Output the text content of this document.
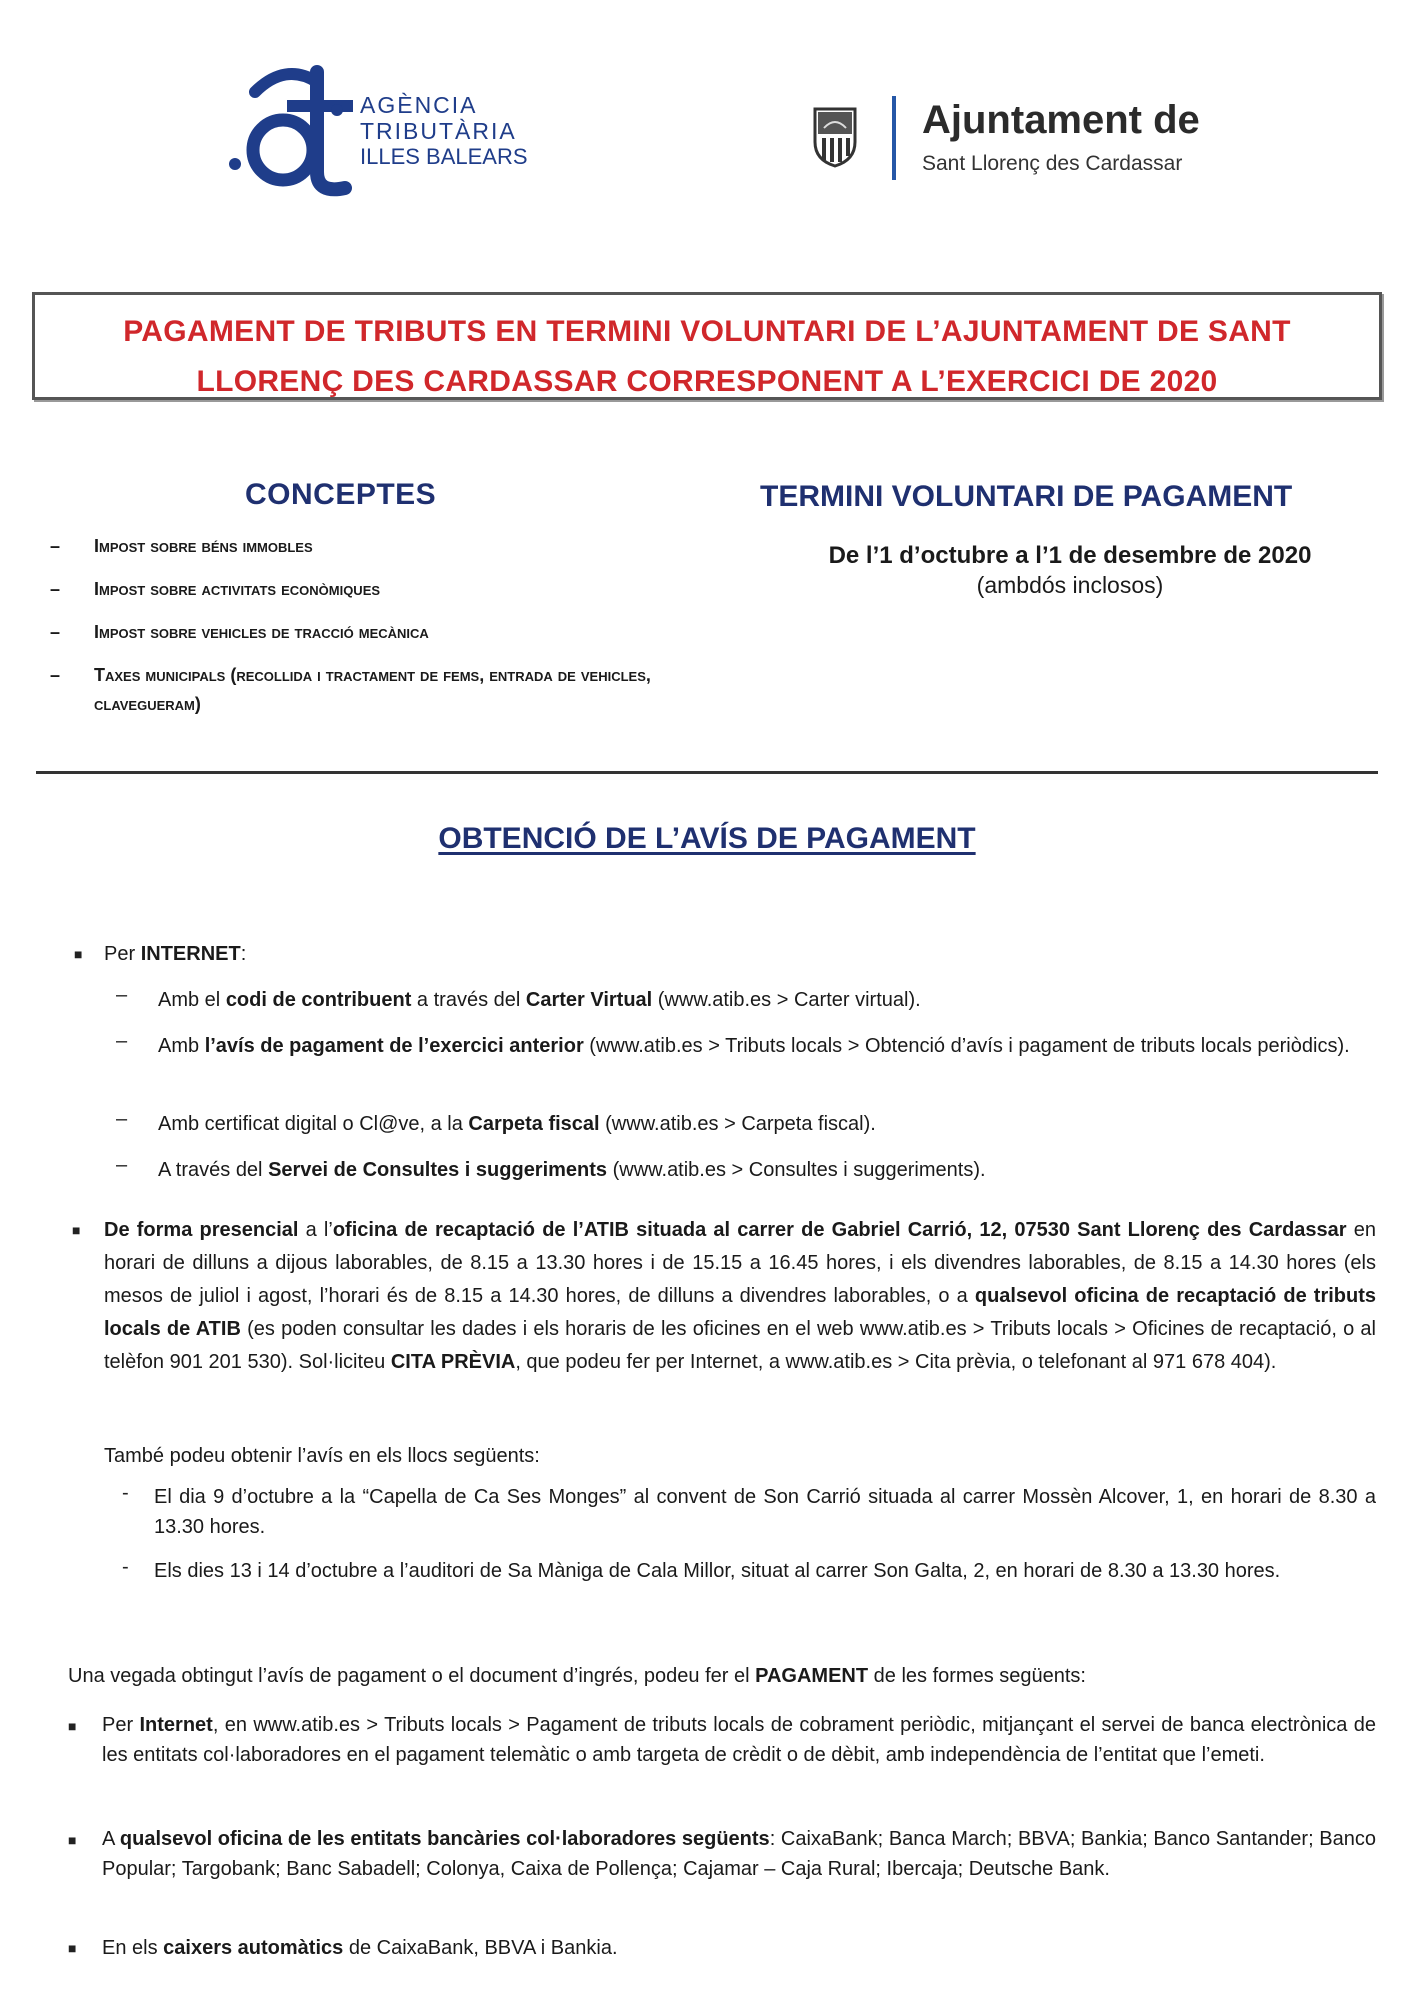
AGÈNCIA
TRIBUTÀRIA
ILLES BALEARS
Ajuntament de
Sant Llorenç des Cardassar
PAGAMENT DE TRIBUTS EN TERMINI VOLUNTARI DE L’AJUNTAMENT DE SANT
LLORENÇ DES CARDASSAR CORRESPONENT A L’EXERCICI DE 2020
CONCEPTES
– Impost sobre béns immobles
– Impost sobre activitats econòmiques
– Impost sobre vehicles de tracció mecànica
– Taxes municipals (recollida i tractament de fems, entrada de vehicles, clavegueram)
TERMINI VOLUNTARI DE PAGAMENT
De l’1 d’octubre a l’1 de desembre de 2020
(ambdós inclosos)
OBTENCIÓ DE L’AVÍS DE PAGAMENT
■ Per INTERNET:
– Amb el codi de contribuent a través del Carter Virtual (www.atib.es > Carter virtual).
– Amb l’avís de pagament de l’exercici anterior (www.atib.es > Tributs locals > Obtenció d’avís i pagament de tributs locals periòdics).
– Amb certificat digital o Cl@ve, a la Carpeta fiscal (www.atib.es > Carpeta fiscal).
– A través del Servei de Consultes i suggeriments (www.atib.es > Consultes i suggeriments).
■ De forma presencial a l’oficina de recaptació de l’ATIB situada al carrer de Gabriel Carrió, 12, 07530 Sant Llorenç des Cardassar en horari de dilluns a dijous laborables, de 8.15 a 13.30 hores i de 15.15 a 16.45 hores, i els divendres laborables, de 8.15 a 14.30 hores (els mesos de juliol i agost, l’horari és de 8.15 a 14.30 hores, de dilluns a divendres laborables, o a qualsevol oficina de recaptació de tributs locals de ATIB (es poden consultar les dades i els horaris de les oficines en el web www.atib.es > Tributs locals > Oficines de recaptació, o al telèfon 901 201 530). Sol·liciteu CITA PRÈVIA, que podeu fer per Internet, a www.atib.es > Cita prèvia, o telefonant al 971 678 404).
També podeu obtenir l’avís en els llocs següents:
- El dia 9 d’octubre a la “Capella de Ca Ses Monges” al convent de Son Carrió situada al carrer Mossèn Alcover, 1, en horari de 8.30 a 13.30 hores.
- Els dies 13 i 14 d’octubre a l’auditori de Sa Màniga de Cala Millor, situat al carrer Son Galta, 2, en horari de 8.30 a 13.30 hores.
Una vegada obtingut l’avís de pagament o el document d’ingrés, podeu fer el PAGAMENT de les formes següents:
■ Per Internet, en www.atib.es > Tributs locals > Pagament de tributs locals de cobrament periòdic, mitjançant el servei de banca electrònica de les entitats col·laboradores en el pagament telemàtic o amb targeta de crèdit o de dèbit, amb independència de l’entitat que l’emeti.
■ A qualsevol oficina de les entitats bancàries col·laboradores següents: CaixaBank; Banca March; BBVA; Bankia; Banco Santander; Banco Popular; Targobank; Banc Sabadell; Colonya, Caixa de Pollença; Cajamar – Caja Rural; Ibercaja; Deutsche Bank.
■ En els caixers automàtics de CaixaBank, BBVA i Bankia.
